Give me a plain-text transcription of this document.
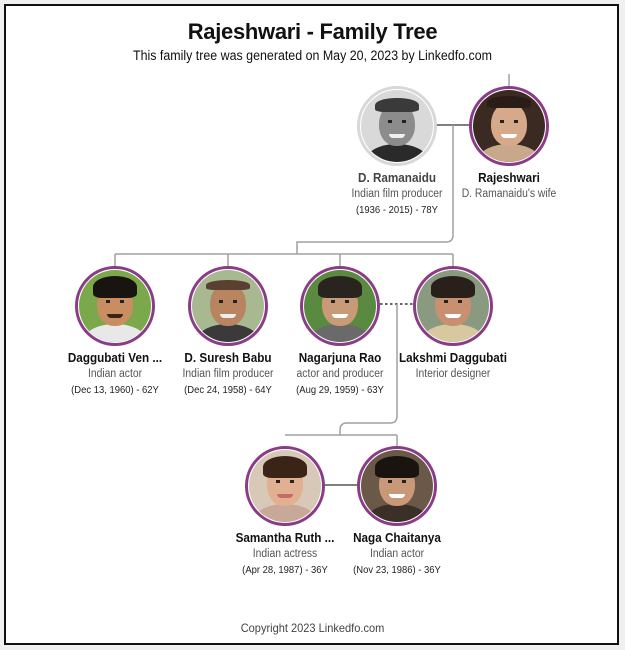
Rajeshwari - Family Tree
This family tree was generated on May 20, 2023 by Linkedfo.com
D. Ramanaidu
Indian film producer
(1936 - 2015) - 78Y
Rajeshwari
D. Ramanaidu's wife
Daggubati Ven ...
Indian actor
(Dec 13, 1960) - 62Y
D. Suresh Babu
Indian film producer
(Dec 24, 1958) - 64Y
Nagarjuna Rao
actor and producer
(Aug 29, 1959) - 63Y
Lakshmi Daggubati
Interior designer
Samantha Ruth ...
Indian actress
(Apr 28, 1987) - 36Y
Naga Chaitanya
Indian actor
(Nov 23, 1986) - 36Y
Copyright 2023 Linkedfo.com
